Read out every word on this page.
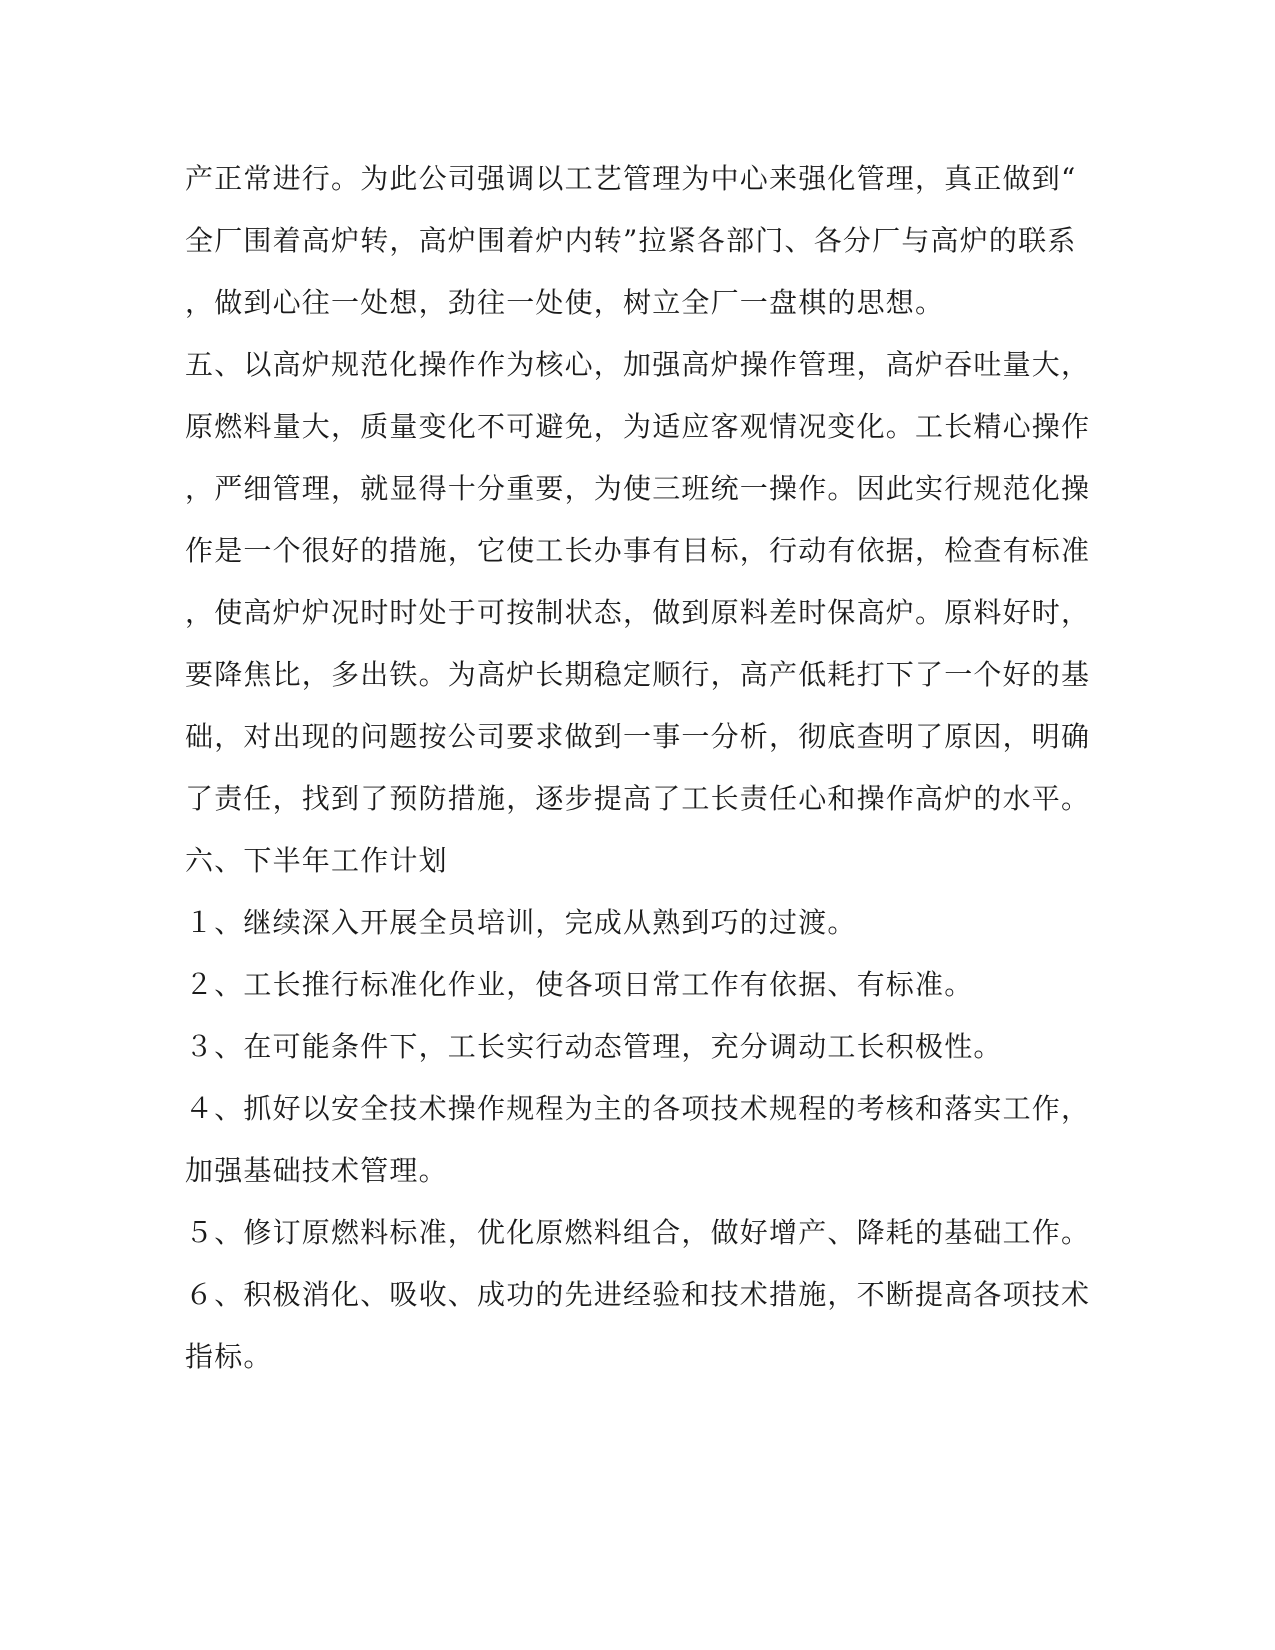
产正常进行。为此公司强调以工艺管理为中心来强化管理，真正做到“

全厂围着高炉转，高炉围着炉内转”拉紧各部门、各分厂与高炉的联系

，做到心往一处想，劲往一处使，树立全厂一盘棋的思想。

五、以高炉规范化操作作为核心，加强高炉操作管理，高炉吞吐量大，

原燃料量大，质量变化不可避免，为适应客观情况变化。工长精心操作

，严细管理，就显得十分重要，为使三班统一操作。因此实行规范化操

作是一个很好的措施，它使工长办事有目标，行动有依据，检查有标准

，使高炉炉况时时处于可按制状态，做到原料差时保高炉。原料好时，

要降焦比，多出铁。为高炉长期稳定顺行，高产低耗打下了一个好的基

础，对出现的问题按公司要求做到一事一分析，彻底查明了原因，明确

了责任，找到了预防措施，逐步提高了工长责任心和操作高炉的水平。

六、下半年工作计划

１、继续深入开展全员培训，完成从熟到巧的过渡。

２、工长推行标准化作业，使各项日常工作有依据、有标准。

３、在可能条件下，工长实行动态管理，充分调动工长积极性。

４、抓好以安全技术操作规程为主的各项技术规程的考核和落实工作，

加强基础技术管理。

５、修订原燃料标准，优化原燃料组合，做好增产、降耗的基础工作。

６、积极消化、吸收、成功的先进经验和技术措施，不断提高各项技术

指标。
